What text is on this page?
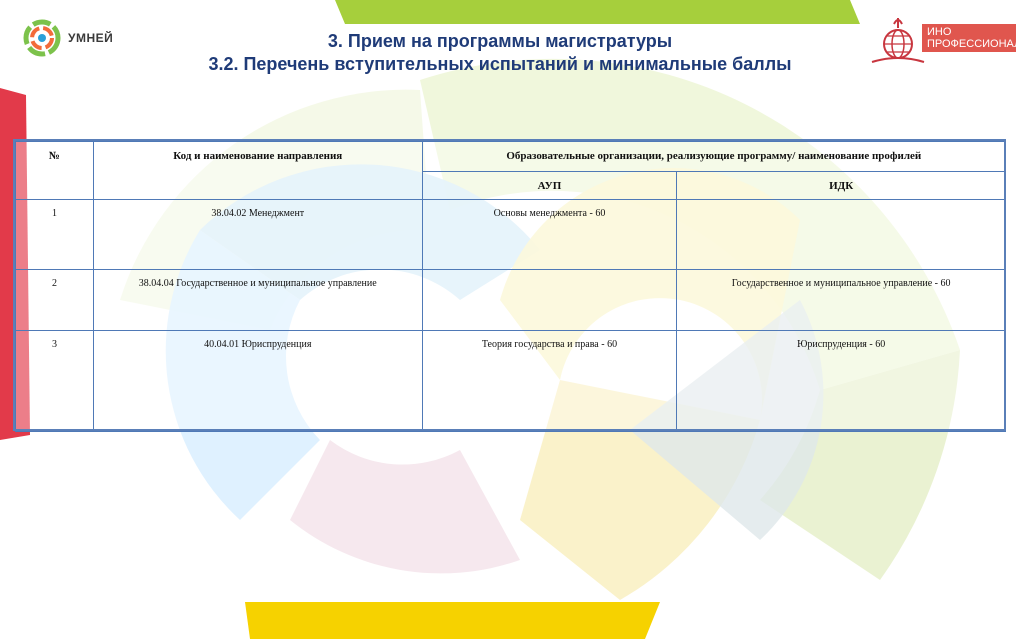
УМНЕЙ	ИНО ПРОФЕССИОНАЛ
3. Прием на программы магистратуры
3.2. Перечень вступительных испытаний и минимальные баллы
№	Код и наименование направления	Образовательные организации, реализующие программу/ наименование профилей	
		АУП	ИДК
1	38.04.02 Менеджмент	Основы менеджмента - 60	
2	38.04.04 Государственное и муниципальное управление		Государственное и муниципальное управление - 60
3	40.04.01 Юриспруденция	Теория государства и права - 60	Юриспруденция - 60
